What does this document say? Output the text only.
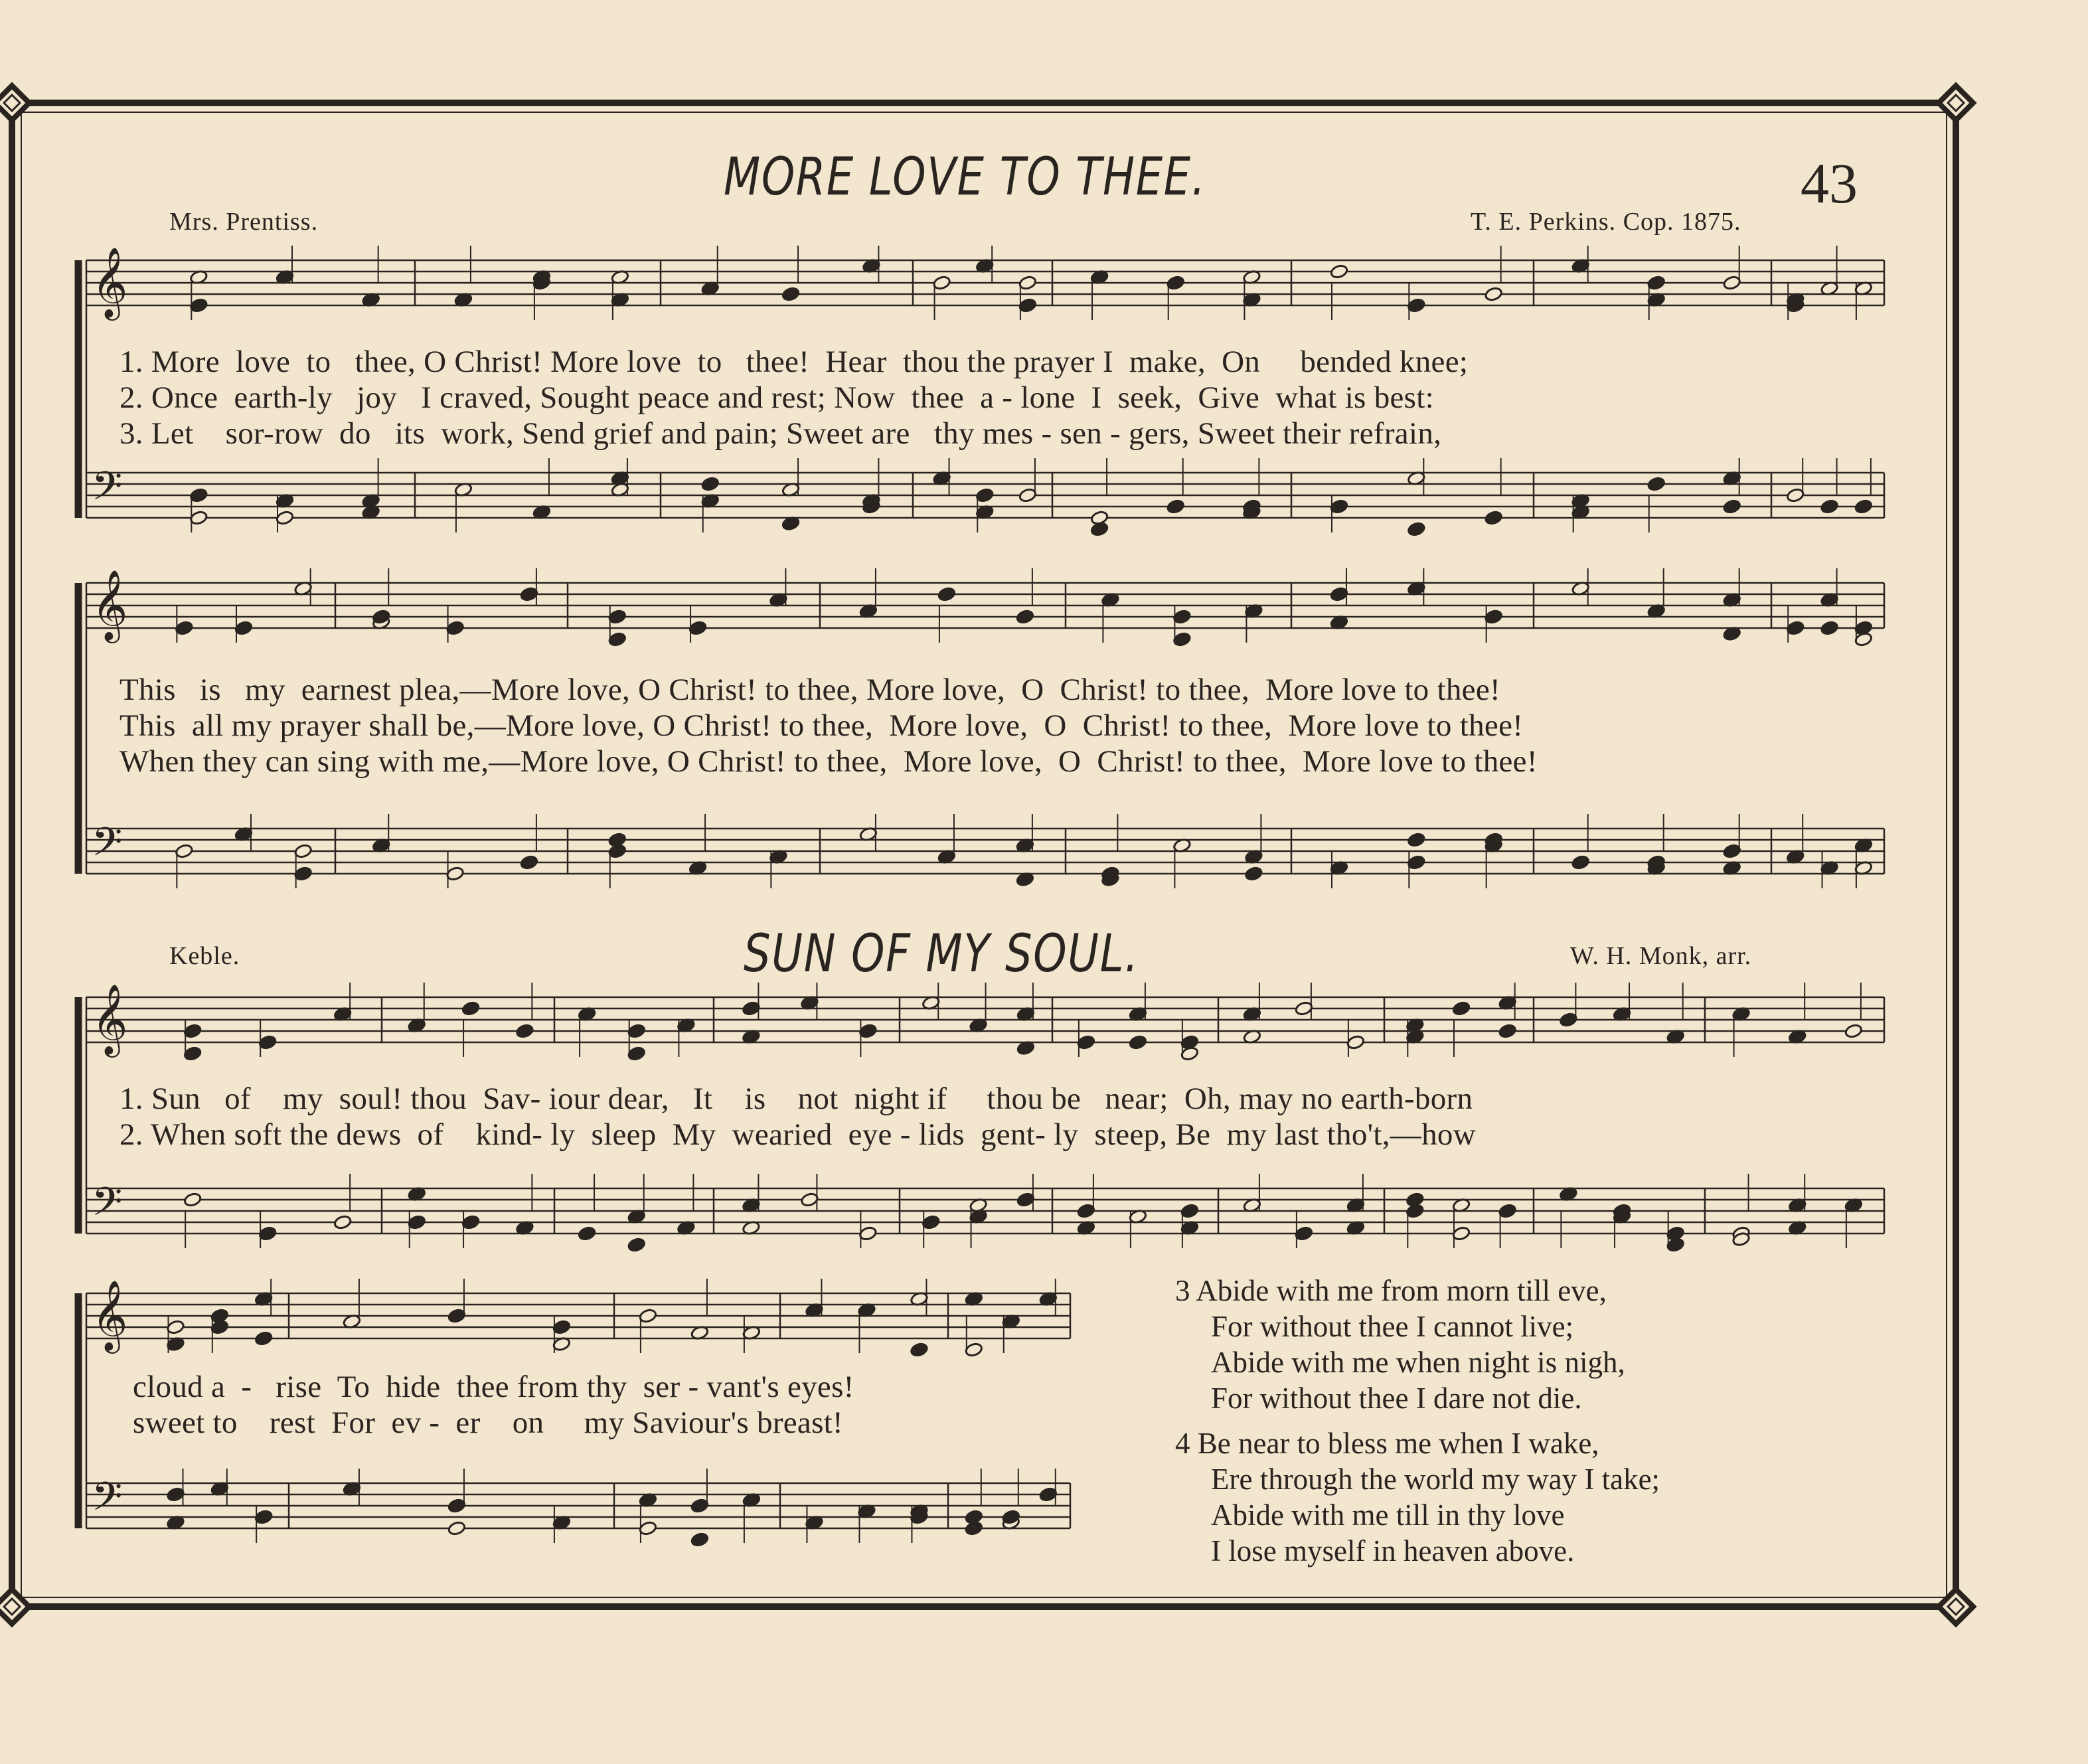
𝄞
𝄢
𝄞
𝄢
𝄞
𝄢
𝄞
𝄢
MORE LOVE TO THEE.	43
Mrs. Prentiss.	T. E. Perkins. Cop. 1875.
1. More  love  to   thee, O Christ! More love  to   thee!  Hear  thou the prayer I  make,  On     bended knee;
2. Once  earth-ly   joy   I craved, Sought peace and rest; Now  thee  a - lone  I  seek,  Give  what is best:
3. Let    sor-row  do   its  work, Send grief and pain; Sweet are   thy mes - sen - gers, Sweet their refrain,
This   is   my  earnest plea,—More love, O Christ! to thee, More love,  O  Christ! to thee,  More love to thee!
This  all my prayer shall be,—More love, O Christ! to thee,  More love,  O  Christ! to thee,  More love to thee!
When they can sing with me,—More love, O Christ! to thee,  More love,  O  Christ! to thee,  More love to thee!
SUN OF MY SOUL.
Keble.	W. H. Monk, arr.
1. Sun   of    my  soul! thou  Sav- iour dear,   It    is    not  night if     thou be   near;  Oh, may no earth-born
2. When soft the dews  of    kind- ly  sleep  My  wearied  eye - lids  gent- ly  steep, Be  my last tho't,—how
cloud a  -   rise  To  hide  thee from thy  ser - vant's eyes!
sweet to    rest  For  ev -  er    on     my Saviour's breast!
3 Abide with me from morn till eve,
For without thee I cannot live;
Abide with me when night is nigh,
For without thee I dare not die.
4 Be near to bless me when I wake,
Ere through the world my way I take;
Abide with me till in thy love
I lose myself in heaven above.
